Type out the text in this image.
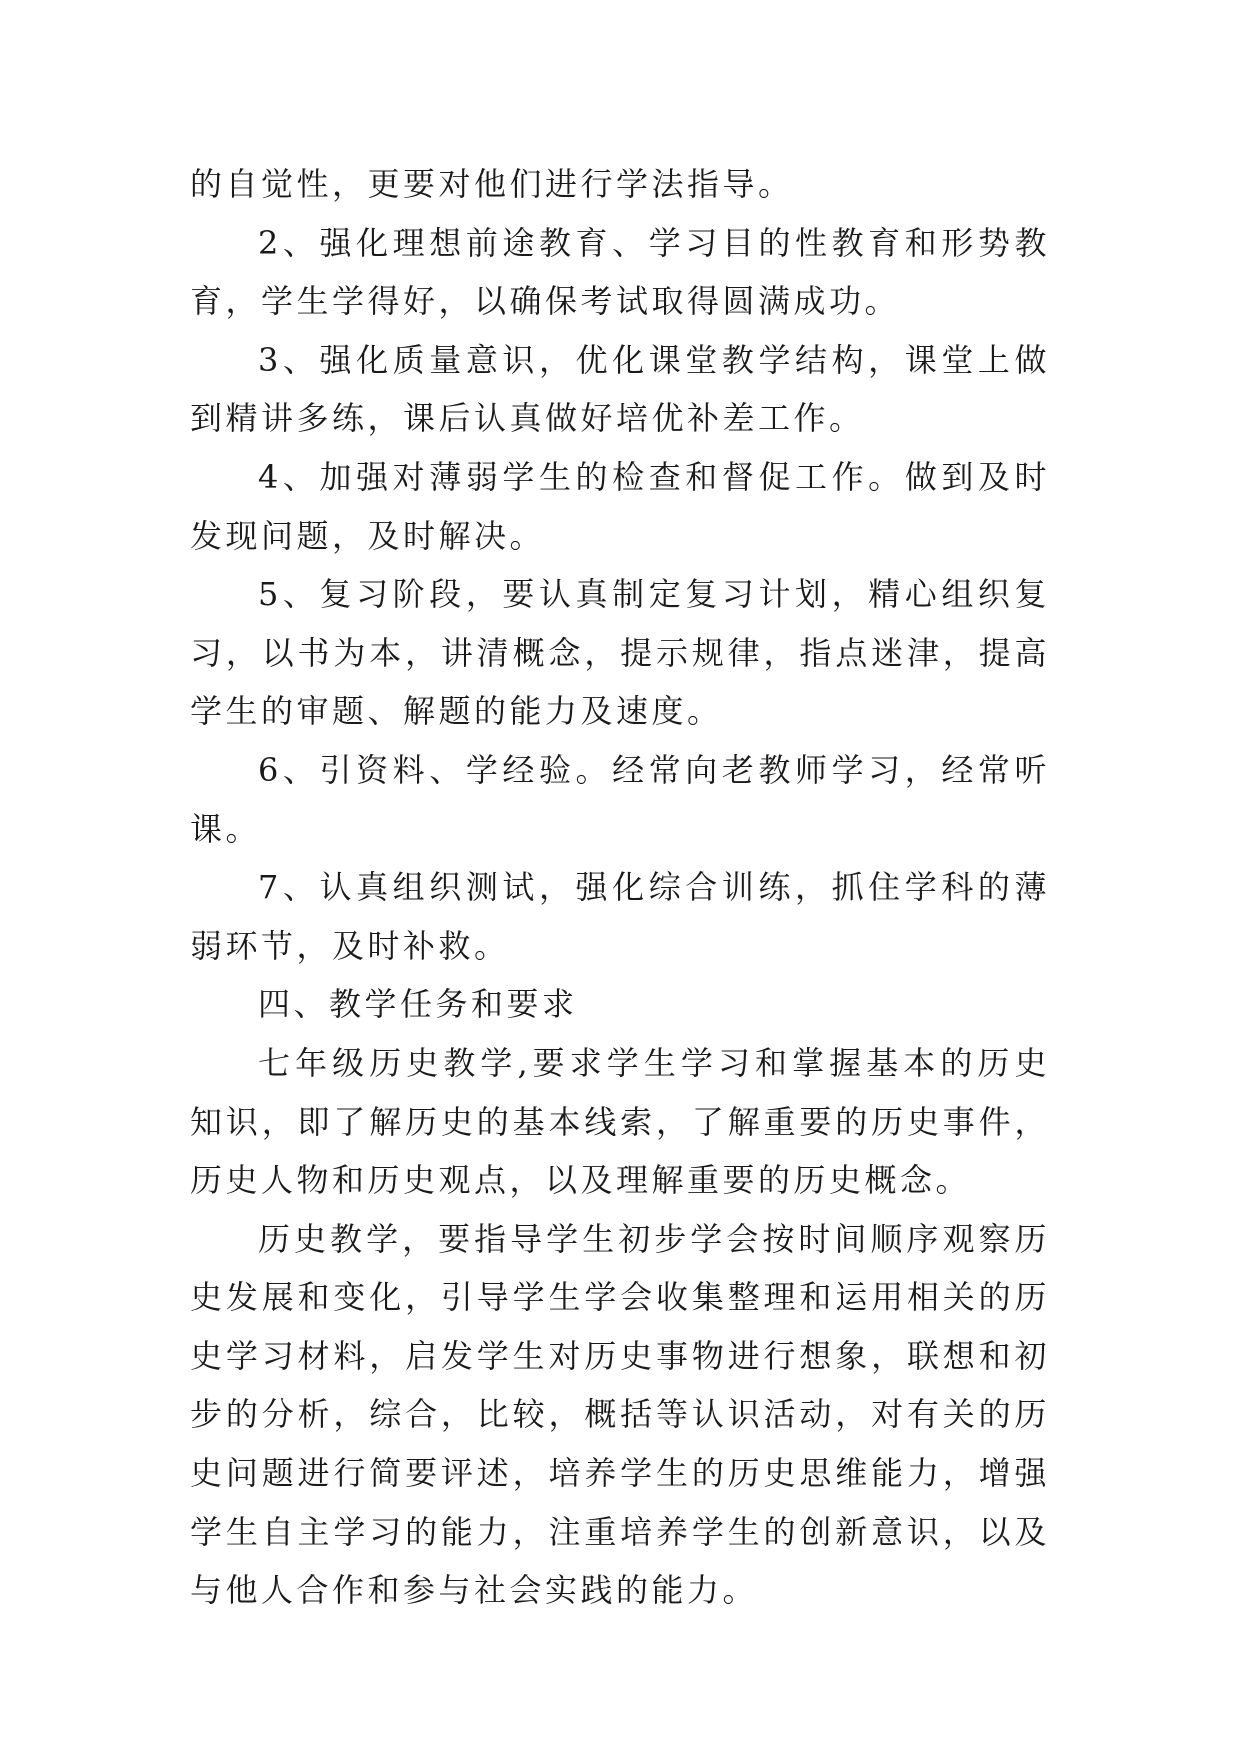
的自觉性，更要对他们进行学法指导。

2、强化理想前途教育、学习目的性教育和形势教育，学生学得好，以确保考试取得圆满成功。

3、强化质量意识，优化课堂教学结构，课堂上做到精讲多练，课后认真做好培优补差工作。

4、加强对薄弱学生的检查和督促工作。做到及时发现问题，及时解决。

5、复习阶段，要认真制定复习计划，精心组织复习，以书为本，讲清概念，提示规律，指点迷津，提高学生的审题、解题的能力及速度。

6、引资料、学经验。经常向老教师学习，经常听课。

7、认真组织测试，强化综合训练，抓住学科的薄弱环节，及时补救。

四、教学任务和要求

七年级历史教学,要求学生学习和掌握基本的历史知识，即了解历史的基本线索，了解重要的历史事件，历史人物和历史观点，以及理解重要的历史概念。

历史教学，要指导学生初步学会按时间顺序观察历史发展和变化，引导学生学会收集整理和运用相关的历史学习材料，启发学生对历史事物进行想象，联想和初步的分析，综合，比较，概括等认识活动，对有关的历史问题进行简要评述，培养学生的历史思维能力，增强学生自主学习的能力，注重培养学生的创新意识，以及与他人合作和参与社会实践的能力。
